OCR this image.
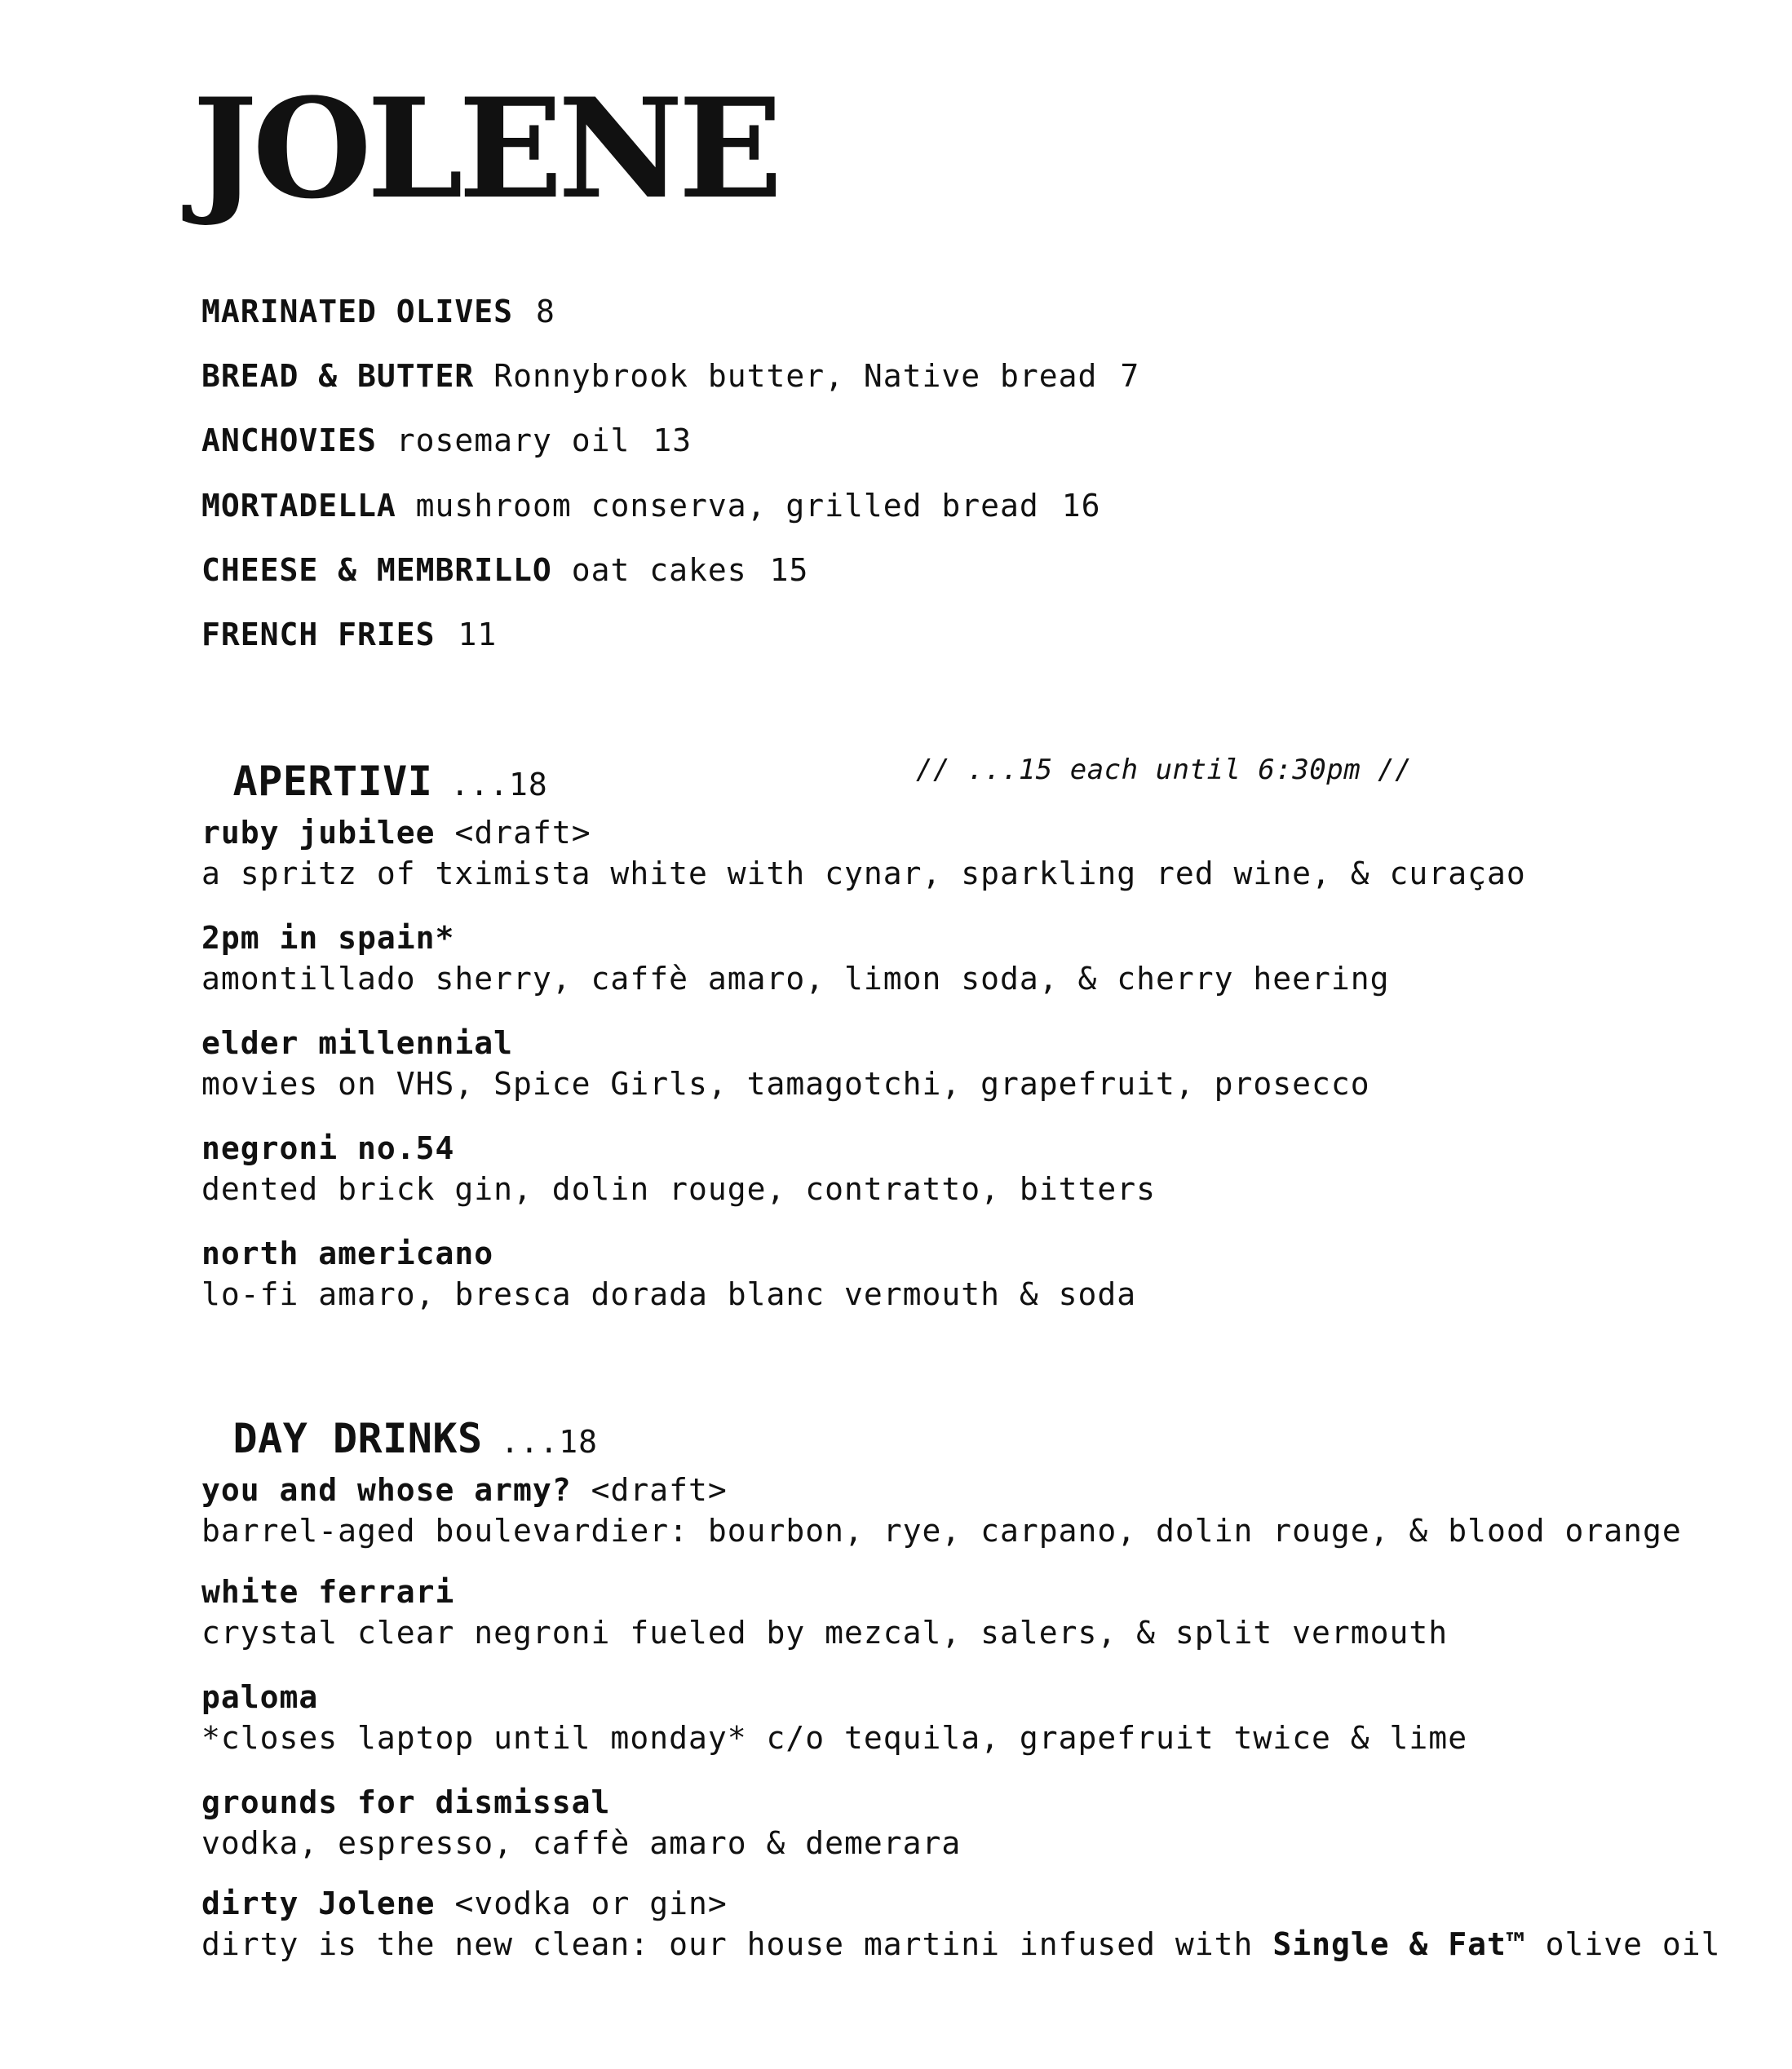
JOLENE
MARINATED OLIVES 8
BREAD & BUTTER Ronnybrook butter, Native bread 7
ANCHOVIES rosemary oil 13
MORTADELLA mushroom conserva, grilled bread 16
CHEESE & MEMBRILLO oat cakes 15
FRENCH FRIES 11

APERTIVI ...18
	// ...15 each until 6:30pm //

ruby jubilee <draft>
a spritz of tximista white with cynar, sparkling red wine, & curaçao
2pm in spain*
amontillado sherry, caffè amaro, limon soda, & cherry heering
elder millennial
movies on VHS, Spice Girls, tamagotchi, grapefruit, prosecco
negroni no.54
dented brick gin, dolin rouge, contratto, bitters
north americano
lo-fi amaro, bresca dorada blanc vermouth & soda

DAY DRINKS ...18

you and whose army? <draft>
barrel-aged boulevardier: bourbon, rye, carpano, dolin rouge, & blood orange
white ferrari
crystal clear negroni fueled by mezcal, salers, & split vermouth
paloma
*closes laptop until monday* c/o tequila, grapefruit twice & lime
grounds for dismissal
vodka, espresso, caffè amaro & demerara
dirty Jolene <vodka or gin>
dirty is the new clean: our house martini infused with Single & Fat™ olive oil
